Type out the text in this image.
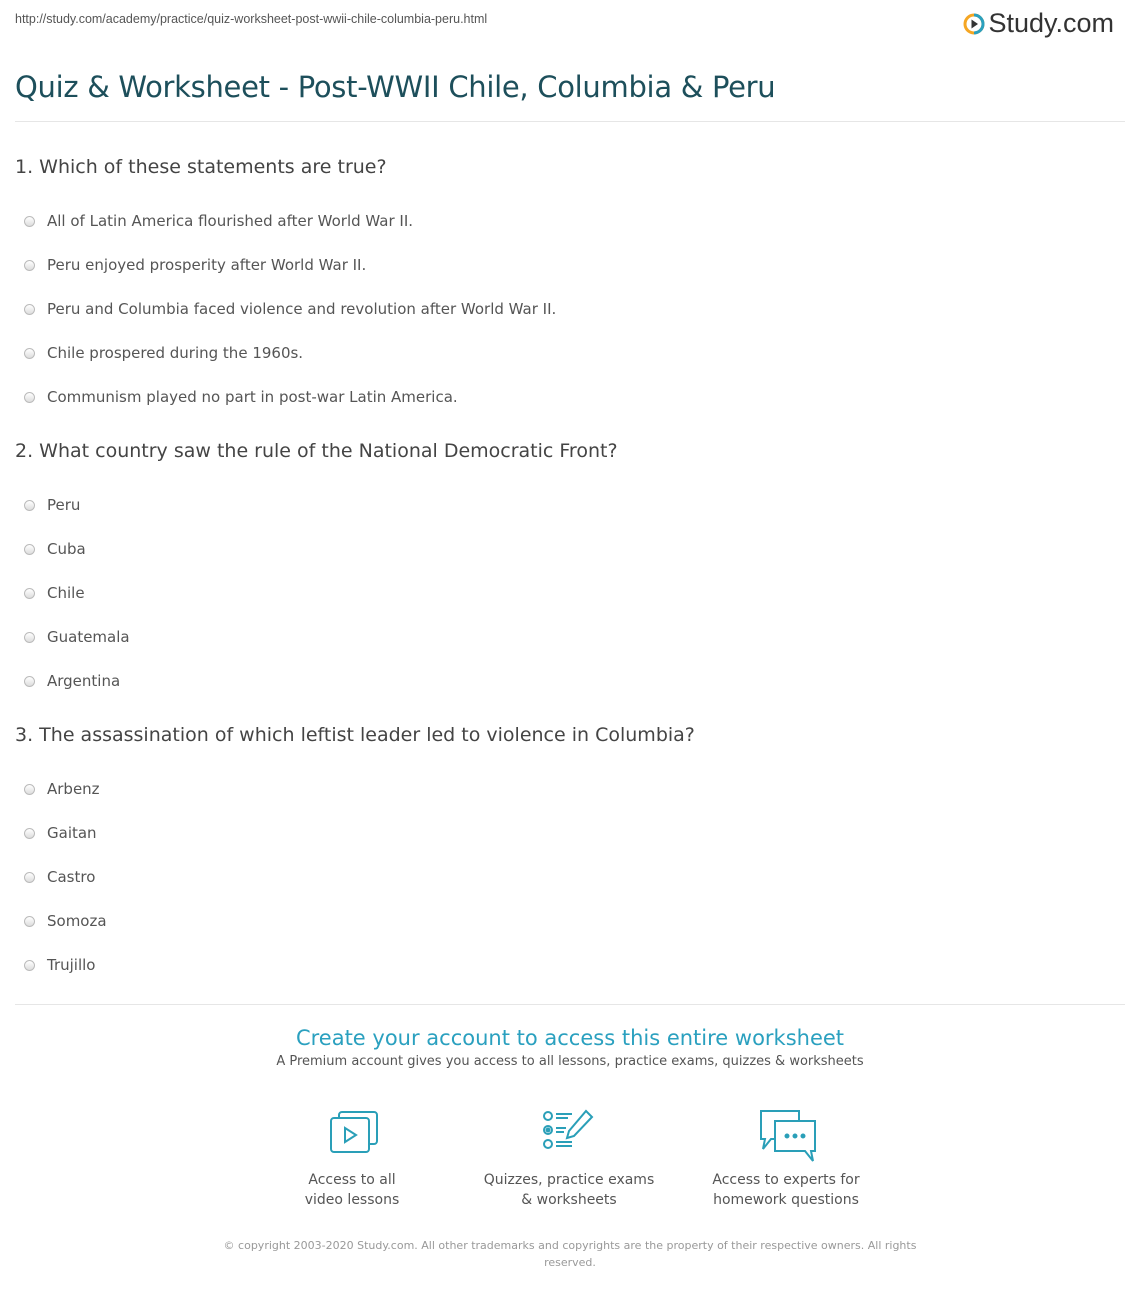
http://study.com/academy/practice/quiz-worksheet-post-wwii-chile-columbia-peru.html	Study.com
Quiz & Worksheet - Post-WWII Chile, Columbia & Peru
1. Which of these statements are true?
All of Latin America flourished after World War II.
Peru enjoyed prosperity after World War II.
Peru and Columbia faced violence and revolution after World War II.
Chile prospered during the 1960s.
Communism played no part in post-war Latin America.
2. What country saw the rule of the National Democratic Front?
Peru
Cuba
Chile
Guatemala
Argentina
3. The assassination of which leftist leader led to violence in Columbia?
Arbenz
Gaitan
Castro
Somoza
Trujillo
Create your account to access this entire worksheet
A Premium account gives you access to all lessons, practice exams, quizzes & worksheets
Access to all
video lessons
Quizzes, practice exams
& worksheets
Access to experts for
homework questions
© copyright 2003-2020 Study.com. All other trademarks and copyrights are the property of their respective owners. All rights reserved.
